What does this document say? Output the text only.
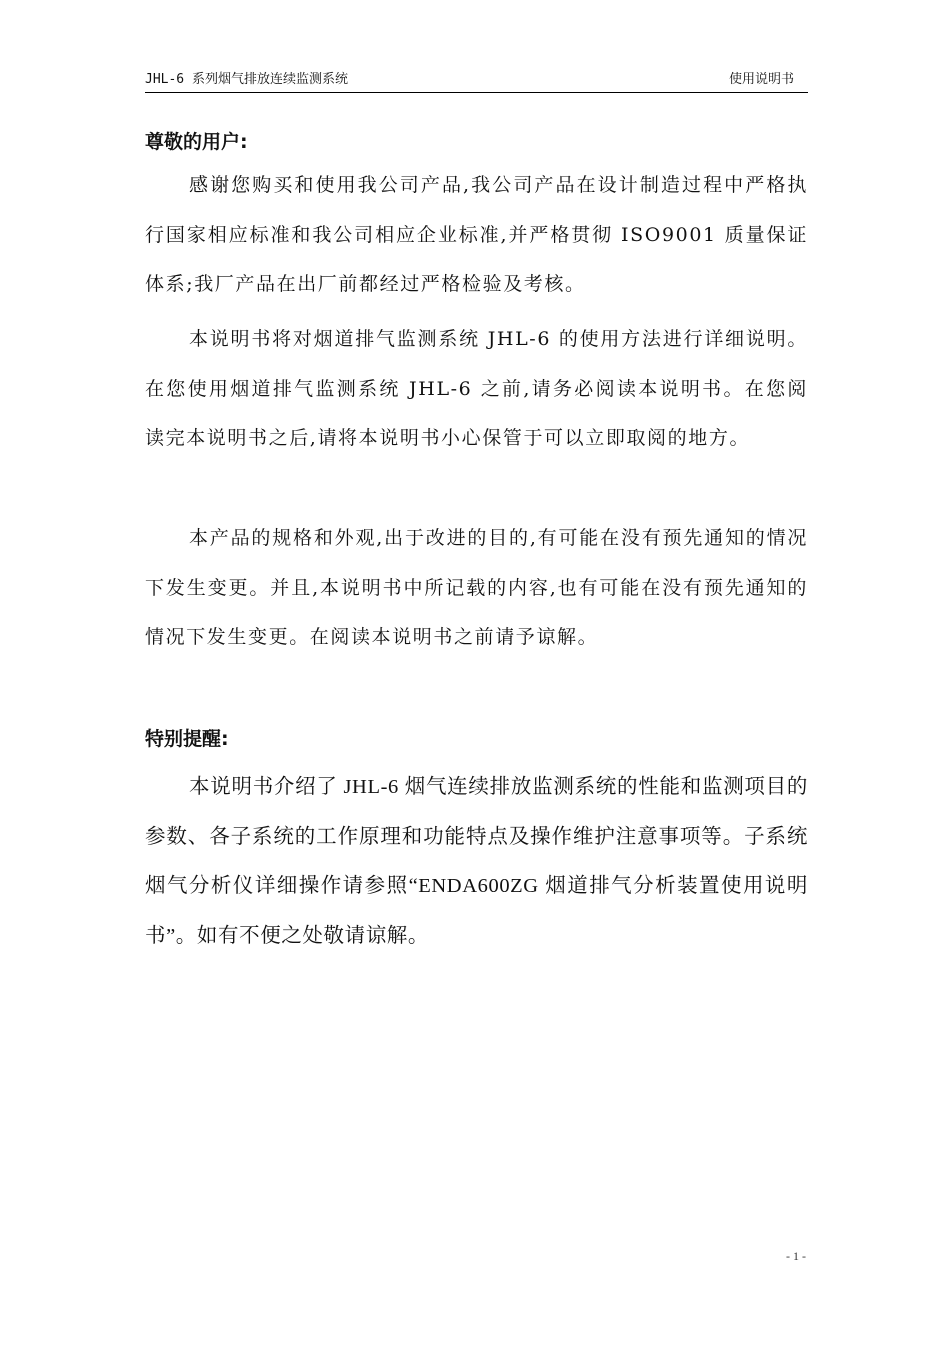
JHL-6 系列烟气排放连续监测系统	使用说明书
尊敬的用户:

感谢您购买和使用我公司产品,我公司产品在设计制造过程中严格执行国家相应标准和我公司相应企业标准,并严格贯彻 ISO9001 质量保证体系;我厂产品在出厂前都经过严格检验及考核。

本说明书将对烟道排气监测系统 JHL-6 的使用方法进行详细说明。在您使用烟道排气监测系统 JHL-6 之前,请务必阅读本说明书。在您阅读完本说明书之后,请将本说明书小心保管于可以立即取阅的地方。

本产品的规格和外观,出于改进的目的,有可能在没有预先通知的情况下发生变更。并且,本说明书中所记载的内容,也有可能在没有预先通知的情况下发生变更。在阅读本说明书之前请予谅解。

特别提醒:

本说明书介绍了 JHL-6 烟气连续排放监测系统的性能和监测项目的参数、各子系统的工作原理和功能特点及操作维护注意事项等。子系统烟气分析仪详细操作请参照“ENDA600ZG 烟道排气分析装置使用说明书”。如有不便之处敬请谅解。

- 1 -
